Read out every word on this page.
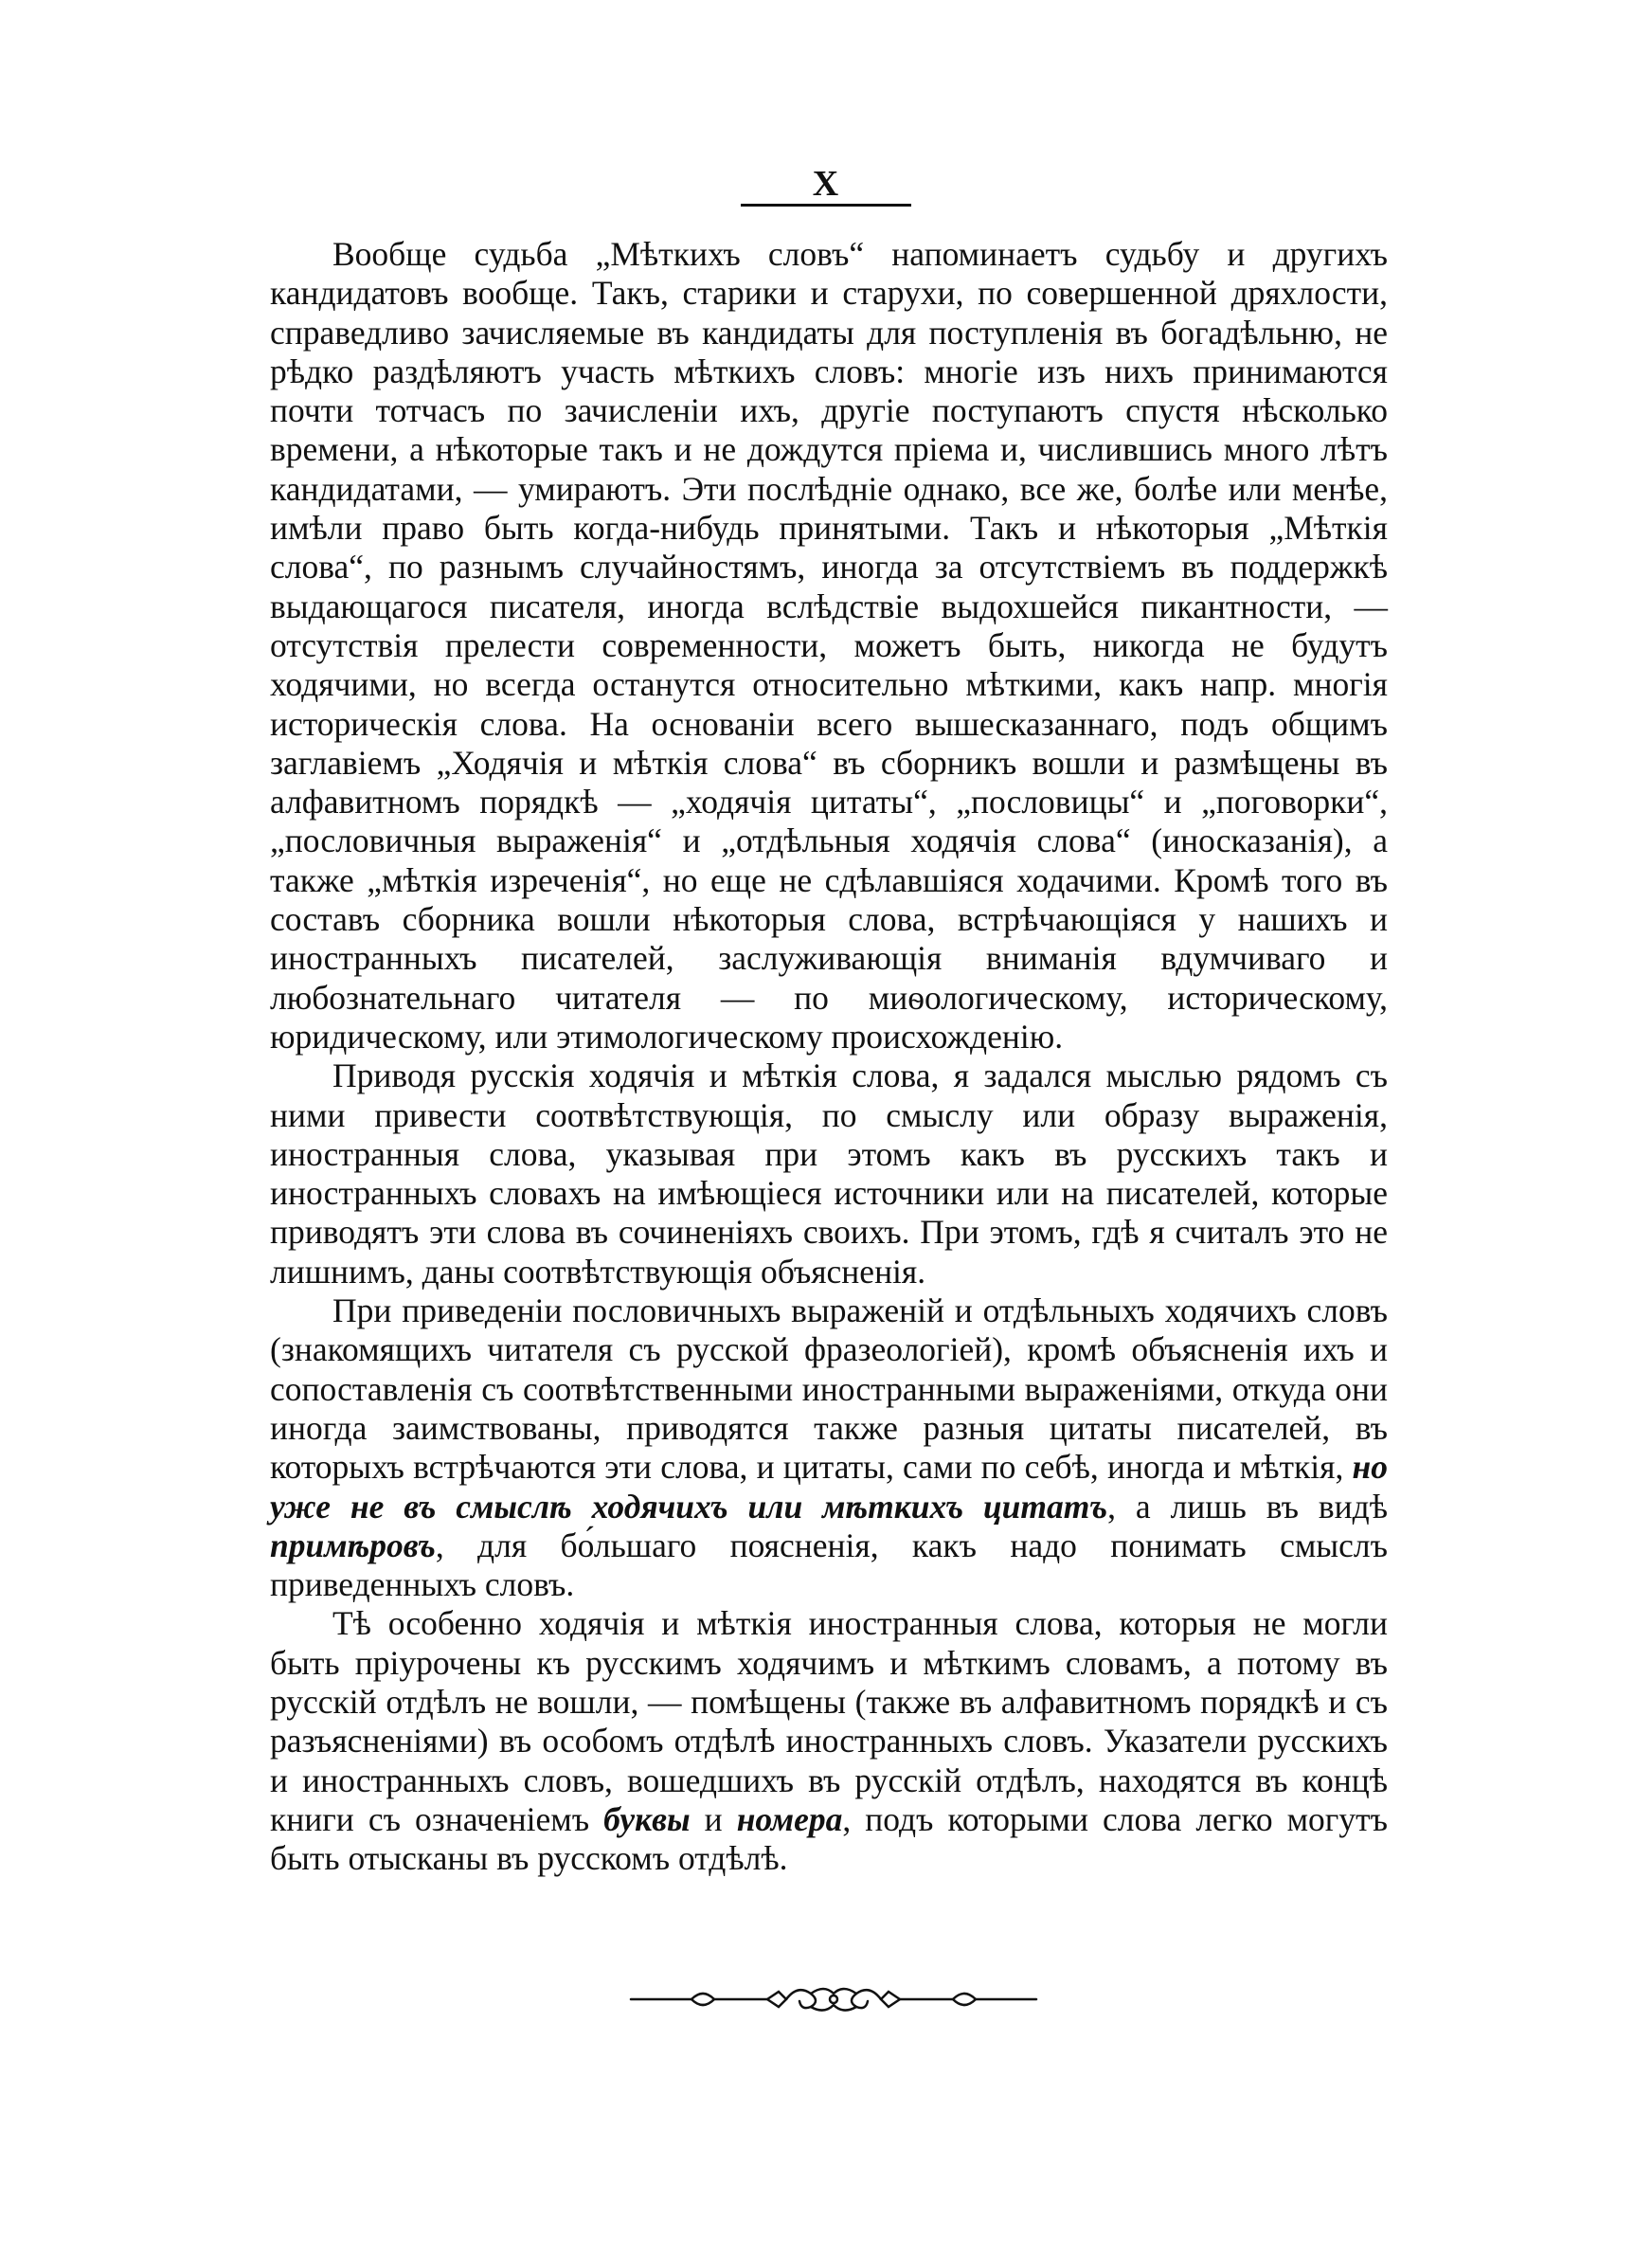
X

Вообще судьба „Мѣткихъ словъ“ напоминаетъ судьбу и другихъ кандидатовъ вообще. Такъ, старики и старухи, по совершенной дряхлости, справедливо зачисляемые въ кандидаты для поступленія въ богадѣльню, не рѣдко раздѣляютъ участь мѣткихъ словъ: многіе изъ нихъ принимаются почти тотчасъ по зачисленіи ихъ, другіе поступаютъ спустя нѣсколько времени, а нѣкоторые такъ и не дождутся пріема и, числившись много лѣтъ кандидатами, — умираютъ. Эти послѣдніе однако, все же, болѣе или менѣе, имѣли право быть когда-нибудь принятыми. Такъ и нѣкоторыя „Мѣткія слова“, по разнымъ случайностямъ, иногда за отсутствіемъ въ поддержкѣ выдающагося писателя, иногда вслѣдствіе выдохшейся пикантности, — отсутствія прелести современности, можетъ быть, никогда не будутъ ходячими, но всегда останутся относительно мѣткими, какъ напр. многія историческія слова. На основаніи всего вышесказаннаго, подъ общимъ заглавіемъ „Ходячія и мѣткія слова“ въ сборникъ вошли и размѣщены въ алфавитномъ порядкѣ — „ходячія цитаты“, „пословицы“ и „поговорки“, „пословичныя выраженія“ и „отдѣльныя ходячія слова“ (иносказанія), а также „мѣткія изреченія“, но еще не сдѣлавшіяся ходачими. Кромѣ того въ составъ сборника вошли нѣкоторыя слова, встрѣчающіяся у нашихъ и иностранныхъ писателей, заслуживающія вниманія вдумчиваго и любознательнаго читателя — по миѳологическому, историческому, юридическому, или этимологическому происхожденію.

Приводя русскія ходячія и мѣткія слова, я задался мыслью рядомъ съ ними привести соотвѣтствующія, по смыслу или образу выраженія, иностранныя слова, указывая при этомъ какъ въ русскихъ такъ и иностранныхъ словахъ на имѣющіеся источники или на писателей, которые приводятъ эти слова въ сочиненіяхъ своихъ. При этомъ, гдѣ я считалъ это не лишнимъ, даны соотвѣтствующія объясненія.

При приведеніи пословичныхъ выраженій и отдѣльныхъ ходячихъ словъ (знакомящихъ читателя съ русской фразеологіей), кромѣ объясненія ихъ и сопоставленія съ соотвѣтственными иностранными выраженіями, откуда они иногда заимствованы, приводятся также разныя цитаты писателей, въ которыхъ встрѣчаются эти слова, и цитаты, сами по себѣ, иногда и мѣткія, но уже не въ смыслѣ ходячихъ или мѣткихъ цитатъ, а лишь въ видѣ примѣровъ, для бо́льшаго поясненія, какъ надо понимать смыслъ приведенныхъ словъ.

Тѣ особенно ходячія и мѣткія иностранныя слова, которыя не могли быть пріурочены къ русскимъ ходячимъ и мѣткимъ словамъ, а потому въ русскій отдѣлъ не вошли, — помѣщены (также въ алфавитномъ порядкѣ и съ разъясненіями) въ особомъ отдѣлѣ иностранныхъ словъ. Указатели русскихъ и иностранныхъ словъ, вошедшихъ въ русскій отдѣлъ, находятся въ концѣ книги съ означеніемъ буквы и номера, подъ которыми слова легко могутъ быть отысканы въ русскомъ отдѣлѣ.
